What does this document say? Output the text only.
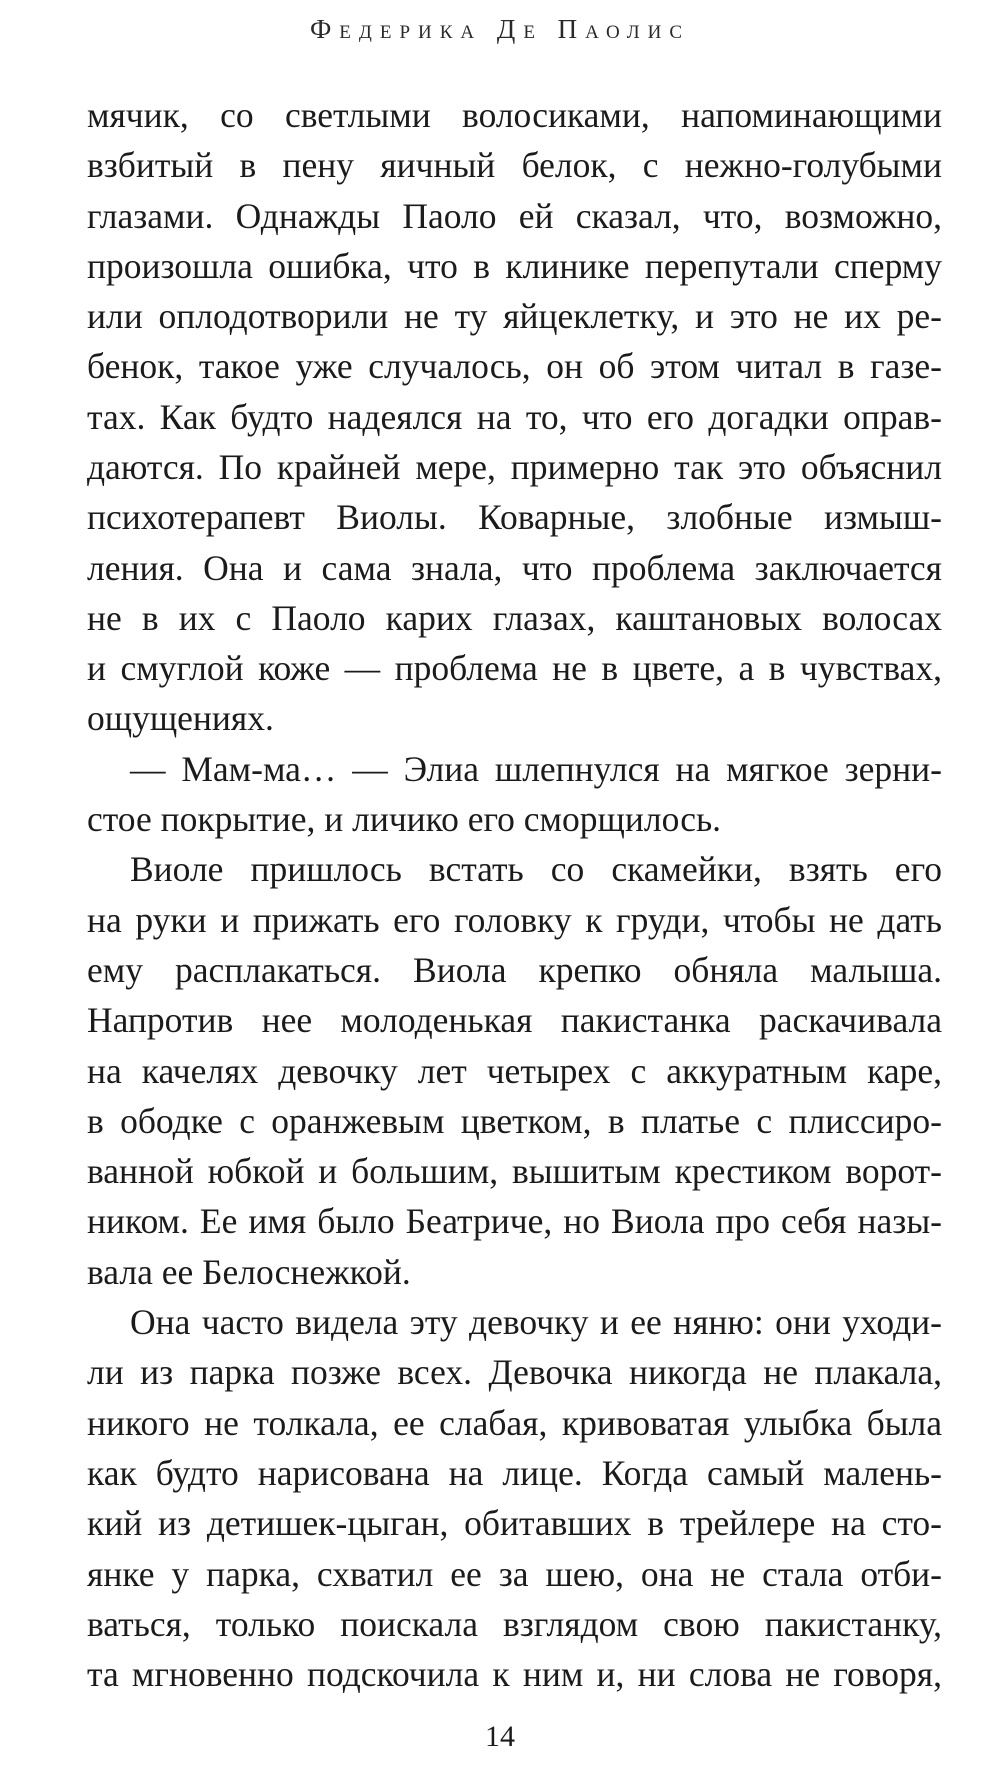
Федерика Де Паолис
мячик, со светлыми волосиками, напоминающими
взбитый в пену яичный белок, с нежно-голубыми
глазами. Однажды Паоло ей сказал, что, возможно,
произошла ошибка, что в клинике перепутали сперму
или оплодотворили не ту яйцеклетку, и это не их ре-
бенок, такое уже случалось, он об этом читал в газе-
тах. Как будто надеялся на то, что его догадки оправ-
даются. По крайней мере, примерно так это объяснил
психотерапевт Виолы. Коварные, злобные измыш-
ления. Она и сама знала, что проблема заключается
не в их с Паоло карих глазах, каштановых волосах
и смуглой коже — проблема не в цвете, а в чувствах,
ощущениях.
— Мам-ма… — Элиа шлепнулся на мягкое зерни-
стое покрытие, и личико его сморщилось.
Виоле пришлось встать со скамейки, взять его
на руки и прижать его головку к груди, чтобы не дать
ему расплакаться. Виола крепко обняла малыша.
Напротив нее молоденькая пакистанка раскачивала
на качелях девочку лет четырех с аккуратным каре,
в ободке с оранжевым цветком, в платье с плиссиро-
ванной юбкой и большим, вышитым крестиком ворот-
ником. Ее имя было Беатриче, но Виола про себя назы-
вала ее Белоснежкой.
Она часто видела эту девочку и ее няню: они уходи-
ли из парка позже всех. Девочка никогда не плакала,
никого не толкала, ее слабая, кривоватая улыбка была
как будто нарисована на лице. Когда самый малень-
кий из детишек-цыган, обитавших в трейлере на сто-
янке у парка, схватил ее за шею, она не стала отби-
ваться, только поискала взглядом свою пакистанку,
та мгновенно подскочила к ним и, ни слова не говоря,
14
